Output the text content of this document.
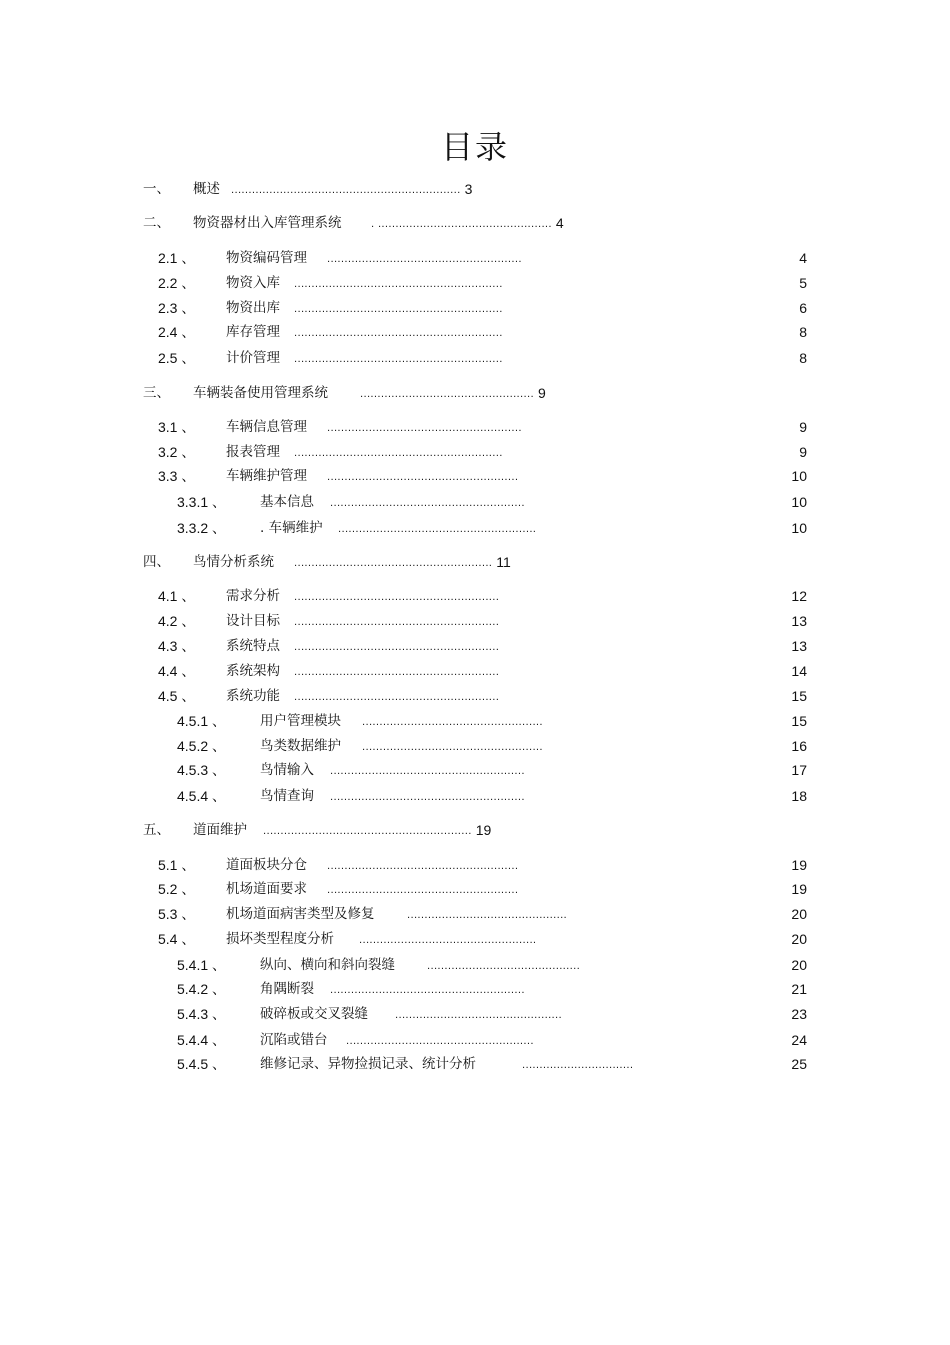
目录
一、 概述 .................................................................. 3
二、 物资器材出入库管理系统	. .................................................. 4
2.1 、 物资编码管理 ........................................................	4
2.2 、 物资入库 ............................................................	5
2.3 、 物资出库 ............................................................	6
2.4 、 库存管理 ............................................................	8
2.5 、 计价管理 ............................................................	8
三、 车辆装备使用管理系统	.................................................. 9
3.1 、 车辆信息管理 ........................................................	9
3.2 、 报表管理 ............................................................	9
3.3 、 车辆维护管理 .......................................................	10
3.3.1 、	基本信息 ........................................................	10
3.3.2 、	. 车辆维护 .........................................................	10
四、 鸟情分析系统 ......................................................... 11
4.1 、 需求分析 ...........................................................	12
4.2 、 设计目标 ...........................................................	13
4.3 、 系统特点 ...........................................................	13
4.4 、 系统架构 ...........................................................	14
4.5 、 系统功能 ...........................................................	15
4.5.1 、	用户管理模块 ....................................................	15
4.5.2 、	鸟类数据维护 ....................................................	16
4.5.3 、	鸟情输入 ........................................................	17
4.5.4 、	鸟情查询 ........................................................	18
五、 道面维护 ............................................................ 19
5.1 、 道面板块分仓 .......................................................	19
5.2 、 机场道面要求 .......................................................	19
5.3 、 机场道面病害类型及修复	..............................................	20
5.4 、 损坏类型程度分析	...................................................	20
5.4.1 、	纵向、横向和斜向裂缝	............................................	20
5.4.2 、	角隅断裂 ........................................................	21
5.4.3 、	破碎板或交叉裂缝	................................................	23
5.4.4 、	沉陷或错台 ......................................................	24
5.4.5 、	维修记录、异物捡损记录、统计分析	................................	25
